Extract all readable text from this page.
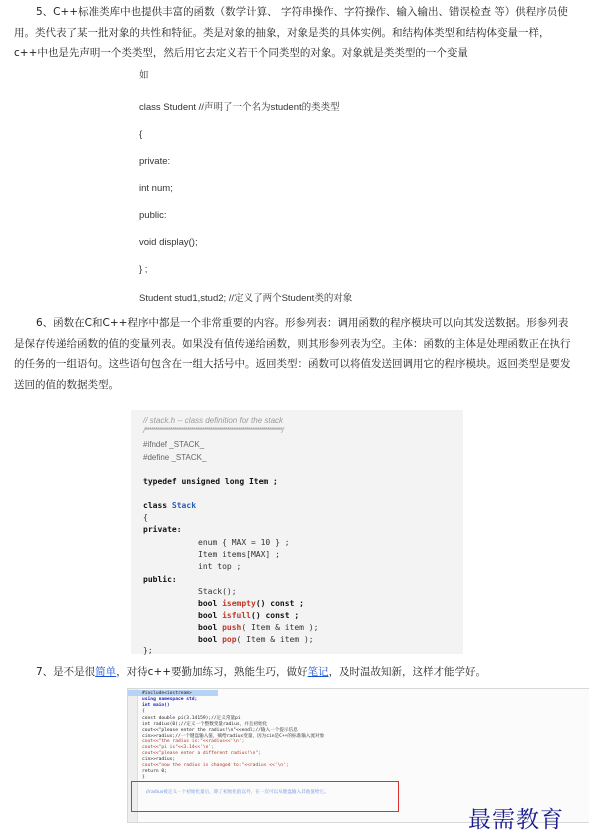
5、C++标准类库中也提供丰富的函数（数学计算、 字符串操作、字符操作、输入输出、错误检查 等）供程序员使用。类代表了某一批对象的共性和特征。类是对象的抽象，对象是类的具体实例。和结构体类型和结构体变量一样，c++中也是先声明一个类类型，然后用它去定义若干个同类型的对象。对象就是类类型的一个变量

如
class Student //声明了一个名为student的类类型
{
private:
int num;
public:
void display();
} ;
Student stud1,stud2; //定义了两个Student类的对象

6、函数在C和C++程序中都是一个非常重要的内容。形参列表：调用函数的程序模块可以向其发送数据。形参列表是保存传递给函数的值的变量列表。如果没有值传递给函数，则其形参列表为空。主体：函数的主体是处理函数正在执行的任务的一组语句。这些语句包含在一组大括号中。返回类型：函数可以将值发送回调用它的程序模块。返回类型是要发送回的值的数据类型。

// stack.h -- class definition for the stack
/*****************************************************************/
#ifndef _STACK_
#define _STACK_
typedef unsigned long Item ;
class Stack
{
private:
enum { MAX = 10 } ;
Item items[MAX] ;
int top ;
public:
Stack();
bool isempty() const ;
bool isfull() const ;
bool push( Item & item );
bool pop( Item & item );
};

7、是不是很简单，对待c++要勤加练习，熟能生巧，做好笔记，及时温故知新，这样才能学好。

#include<iostream>
using namespace std;
int main()
{
const double pi(3.14159);//定义常量pi
int radius(0);//定义一个整数变量radius，并且初始化
cout<<"please enter the radius!\n"<<endl;//输入一个提示信息
cin>>radius;//一个键盘输入值，赋给radius变量，因为cin是C++的标准输入流对象
cout<<"the radius is:"<<radius<<'\n';
cout<<"pi is"<<3.14<<'\n';
cout<<"please enter a different radius!\n";
cin>>radius;
cout<<"now the radius is changed to:"<<radius <<'\n';
return 0;
}
//radius被定义一个初始化量后，除了初始化值以外，在一次可以从键盘输入其他值给它。
最需教育
